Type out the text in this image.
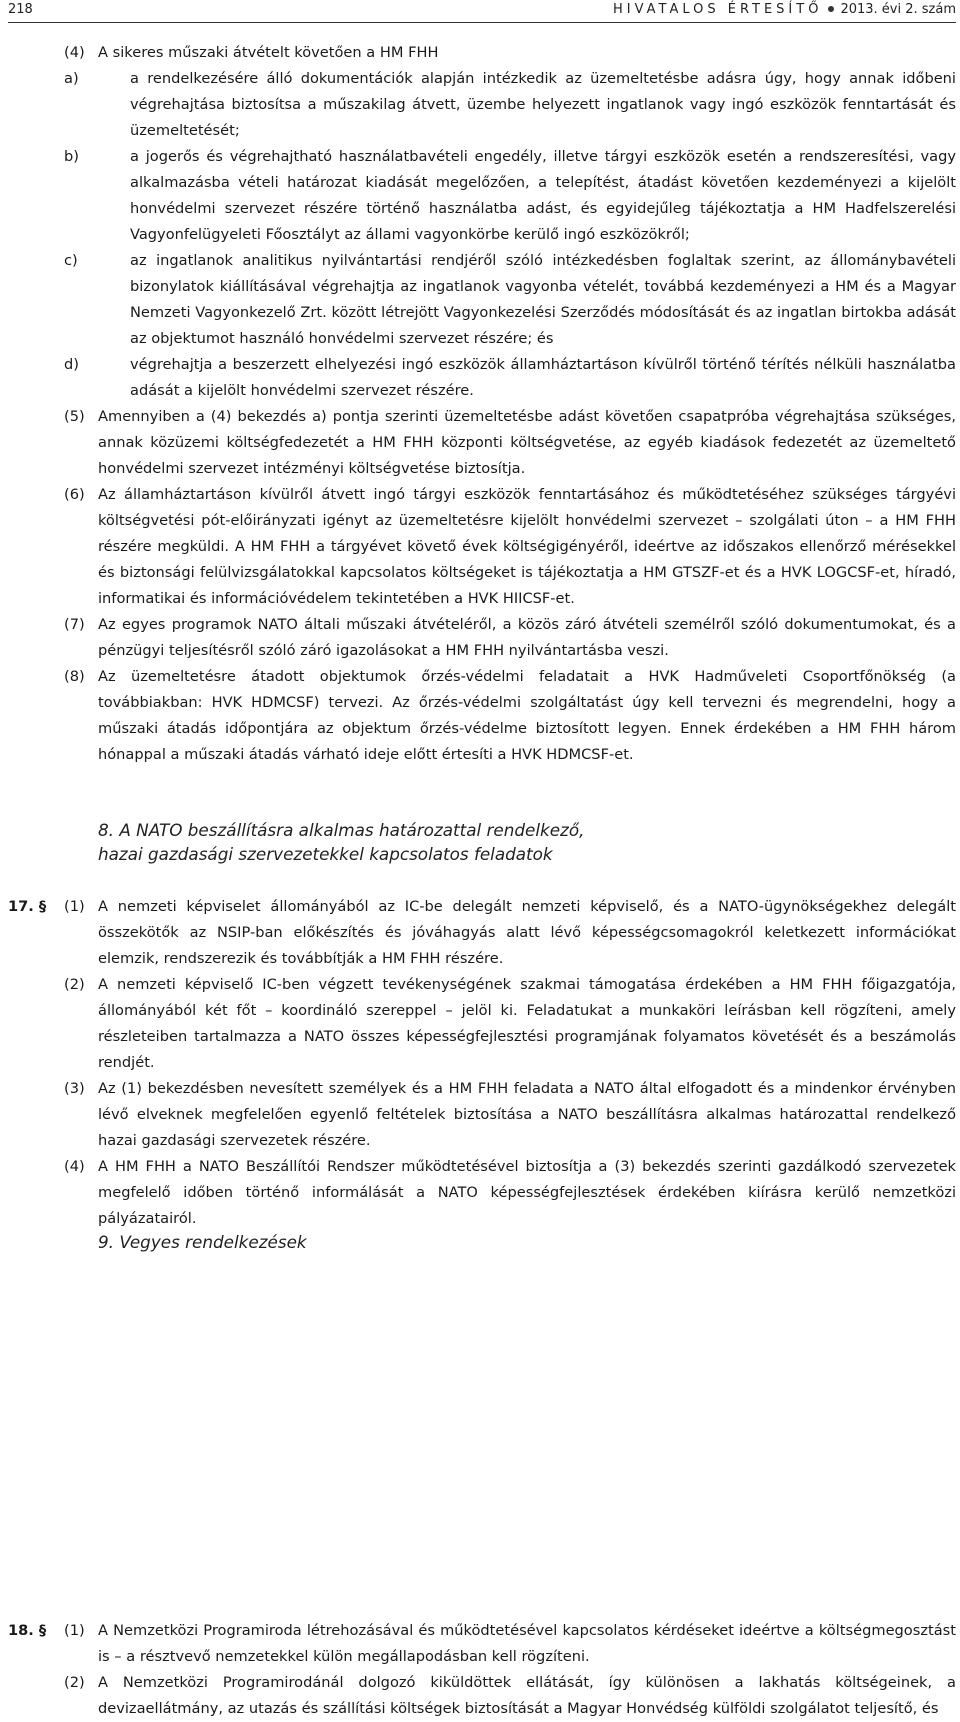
218	HIVATALOS ÉRTESÍTŐ 2013. évi 2. szám
(4) A sikeres műszaki átvételt követően a HM FHH
a)	a rendelkezésére álló dokumentációk alapján intézkedik az üzemeltetésbe adásra úgy, hogy annak időbeni végrehajtása biztosítsa a műszakilag átvett, üzembe helyezett ingatlanok vagy ingó eszközök fenntartását és üzemeltetését;
b)	a jogerős és végrehajtható használatbavételi engedély, illetve tárgyi eszközök esetén a rendszeresítési, vagy alkalmazásba vételi határozat kiadását megelőzően, a telepítést, átadást követően kezdeményezi a kijelölt honvédelmi szervezet részére történő használatba adást, és egyidejűleg tájékoztatja a HM Hadfelszerelési Vagyonfelügyeleti Főosztályt az állami vagyonkörbe kerülő ingó eszközökről;
c)	az ingatlanok analitikus nyilvántartási rendjéről szóló intézkedésben foglaltak szerint, az állománybavételi bizonylatok kiállításával végrehajtja az ingatlanok vagyonba vételét, továbbá kezdeményezi a HM és a Magyar Nemzeti Vagyonkezelő Zrt. között létrejött Vagyonkezelési Szerződés módosítását és az ingatlan birtokba adását az objektumot használó honvédelmi szervezet részére; és
d)	végrehajtja a beszerzett elhelyezési ingó eszközök államháztartáson kívülről történő térítés nélküli használatba adását a kijelölt honvédelmi szervezet részére.
(5) Amennyiben a (4) bekezdés a) pontja szerinti üzemeltetésbe adást követően csapatpróba végrehajtása szükséges, annak közüzemi költségfedezetét a HM FHH központi költségvetése, az egyéb kiadások fedezetét az üzemeltető honvédelmi szervezet intézményi költségvetése biztosítja.
(6) Az államháztartáson kívülről átvett ingó tárgyi eszközök fenntartásához és működtetéséhez szükséges tárgyévi költségvetési pót-előirányzati igényt az üzemeltetésre kijelölt honvédelmi szervezet – szolgálati úton – a HM FHH részére megküldi. A HM FHH a tárgyévet követő évek költségigényéről, ideértve az időszakos ellenőrző mérésekkel és biztonsági felülvizsgálatokkal kapcsolatos költségeket is tájékoztatja a HM GTSZF-et és a HVK LOGCSF-et, híradó, informatikai és információvédelem tekintetében a HVK HIICSF-et.
(7) Az egyes programok NATO általi műszaki átvételéről, a közös záró átvételi személről szóló dokumentumokat, és a pénzügyi teljesítésről szóló záró igazolásokat a HM FHH nyilvántartásba veszi.
(8) Az üzemeltetésre átadott objektumok őrzés-védelmi feladatait a HVK Hadműveleti Csoportfőnökség (a továbbiakban: HVK HDMCSF) tervezi. Az őrzés-védelmi szolgáltatást úgy kell tervezni és megrendelni, hogy a műszaki átadás időpontjára az objektum őrzés-védelme biztosított legyen. Ennek érdekében a HM FHH három hónappal a műszaki átadás várható ideje előtt értesíti a HVK HDMCSF-et.
8. A NATO beszállításra alkalmas határozattal rendelkező,
hazai gazdasági szervezetekkel kapcsolatos feladatok
17. § (1) A nemzeti képviselet állományából az IC-be delegált nemzeti képviselő, és a NATO-ügynökségekhez delegált összekötők az NSIP-ban előkészítés és jóváhagyás alatt lévő képességcsomagokról keletkezett információkat elemzik, rendszerezik és továbbítják a HM FHH részére.
(2) A nemzeti képviselő IC-ben végzett tevékenységének szakmai támogatása érdekében a HM FHH főigazgatója, állományából két főt – koordináló szereppel – jelöl ki. Feladatukat a munkaköri leírásban kell rögzíteni, amely részleteiben tartalmazza a NATO összes képességfejlesztési programjának folyamatos követését és a beszámolás rendjét.
(3) Az (1) bekezdésben nevesített személyek és a HM FHH feladata a NATO által elfogadott és a mindenkor érvényben lévő elveknek megfelelően egyenlő feltételek biztosítása a NATO beszállításra alkalmas határozattal rendelkező hazai gazdasági szervezetek részére.
(4) A HM FHH a NATO Beszállítói Rendszer működtetésével biztosítja a (3) bekezdés szerinti gazdálkodó szervezetek megfelelő időben történő informálását a NATO képességfejlesztések érdekében kiírásra kerülő nemzetközi pályázatairól.
9. Vegyes rendelkezések
18. § (1) A Nemzetközi Programiroda létrehozásával és működtetésével kapcsolatos kérdéseket ideértve a költségmegosztást is – a résztvevő nemzetekkel külön megállapodásban kell rögzíteni.
(2) A Nemzetközi Programirodánál dolgozó kiküldöttek ellátását, így különösen a lakhatás költségeinek, a devizaellátmány, az utazás és szállítási költségek biztosítását a Magyar Honvédség külföldi szolgálatot teljesítő, és
